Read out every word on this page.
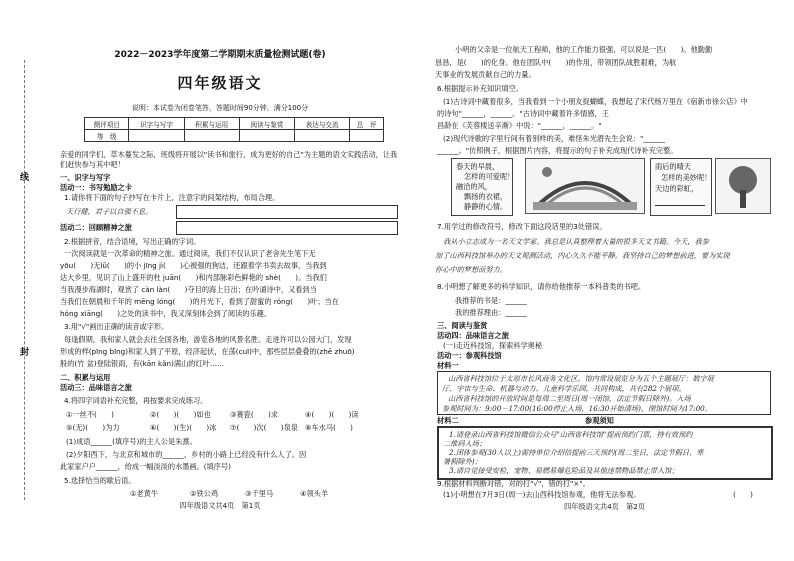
线
封
2022－2023学年度第二学期期末质量检测试题(卷)
四年级语文
说明：本试卷为闭卷笔答，答题时间90分钟，满分100分
测评项目	识字与写字	积累与运用	阅读与鉴赏	表达与交流	总　评
等　级					
亲爱的同学们，草木蔓发之际，班级将开展以"读书和旅行，成为更好的自己"为主题的语文实践活动，让我们赶快参与其中吧！
一、识字与写字
活动一：书写勉励之卡
1.请你将下面的句子抄写在卡片上，注意字的间架结构，布局合理。
天行健，君子以自强不息。
活动二：回顾精神之旅
2.根据拼音，结合语境，写出正确的字词。
一次阅读就是一次革命的精神之旅。通过阅读，我们不仅认识了老舍先生笔下无
yōu(　　)无lǜ(　　)的小 jīng jì(　　)心被强的狗洁，还跟着学书卖去故事，当我到
达大乡里，见识了山上盛开的杜 juān(　　)和内部脉彩色鲜艳的 shè(　　)。当我们
当我漫步海湖时，观赏了 càn làn(　　)夺目的海上日出；在吟诵诗中，又看到当
当我们在朝晨和千年的 mēng lóng(　　)的月光下，看到了甜蜜的 róng(　　)叶；当在
hóng xiāng(　　)之处的读书中，我又深刻体会到了阅读的乐趣。
3.用"√"画出正确的读音或字形。
每逢假期，我和家人就会去往全国各地，游览各地的风景名胜。走进许可以公园大门，发现
形成的样(pīng bīng)和家人到了平原，经济起伏，在荡(cuī)中，那些层层叠叠的(zhē zhuō)
般的(竹 盆)登陆银雨，有(kān kǎn)满山的红叶……
二、积累与运用
活动三：品味语言之旅
4.将四字词语补充完整，再按要求完成练习。
①一丝不(　　)	②(　　)(　　)如也	③赛瓷(　　)求	④(　　)(　　)读
⑤(无)(　　)为力	⑥(　　)(生)(　　)冰 ⑦(　　)次(　　)泉泉 ⑧车水马(　　)
(1)成语______(填序号)的主人公是朱熹。
(2)夕阳西下，与北京和城市的______，乡村的小路上已经没有什么人了。因
此家家户户______，给成一幅淡淡的水墨画。(填序号)
5.选择恰当的歇后语。
①老黄牛	②铁公鸡	③千里马	④领头羊
四年级语文共4页　第1页
小明的父亲是一位航天工程师，他的工作能力很强，可以说是一匹(　　)。他勤勤
恳恳，是(　　)的化身。他在团队中(　　)的作用，带领团队战胜艰难，为航
天事业的发展贡献自己的力量。
6.根据提示补充知识填空。
(1)古诗词中藏着很多，当我看到一个小朋友捉蝴蝶，我想起了宋代杨万里在《宿新市徐公店》中
的诗句"______，______。"古诗词中藏着许多情感，王
昌龄在《芙蓉楼送辛渐》中说："______，______。"
(2)现代诗歌的字里行间有着别样的美，难怪朱光潜先生会说："______
______。"仿照例子，根据图片内容，将提示的句子补充成现代诗补充完整。
春天的早晨，
怎样的可爱呢！
融洽的风，
飘扬的衣裙，
静静的心情。
雨后的晴天
怎样的美妙呢！
天边的彩虹，
7.用学过的修改符号，修改下面这段话里的3处错误。
我从小立志成为一名天文学家。我总是认真整理着大量的很多天文书籍。今天，我参
加了山西科技馆举办的天文观测活动，内心久久不能平静。我坚持自己的梦想前进，要为实现
你心中的梦想而努力。
8.小明想了解更多的科学知识，请你给他推荐一本科普类的书吧。
我推荐的书是：______
我的推荐理由：______
三、阅读与鉴赏
活动四：品味语言之旅
(一)走近科技馆，探索科学奥秘
活动一：参观科技馆
材料一
山西省科技馆位于太原市长风商务文化区。馆内常设展览分为五个主题展厅：数字展
厅、宇宙与生命、机器与动力、儿童科学乐园，共同构成，共有282个展项。
山西省科技馆的开放时间是每周二至周日(周一闭馆，法定节假日除外)。入场
参观时间为：9:00－17:00(16:00停止入场，16:30开始清场)，閉馆时间为17:00。
材料二	参观须知
1.请登录山西省科技馆微信公众号"山西省科技馆"提前预约门票，持有效预约
二维码入场；
2.团体参观(30人以上)需持单位介绍信提前三天预约(周二至日，法定节假日、寒
暑假除外)；
3.请自觉接受安检，宠物、易燃易爆危险品及其他违禁物品禁止带入馆；
9.根据材料判断对错，对的打"√"，错的打"×"。
(1)小明想在7月3日(周一)去山西科技馆参观，他将无法参观。	(　　)
四年级语文共4页　第2页
